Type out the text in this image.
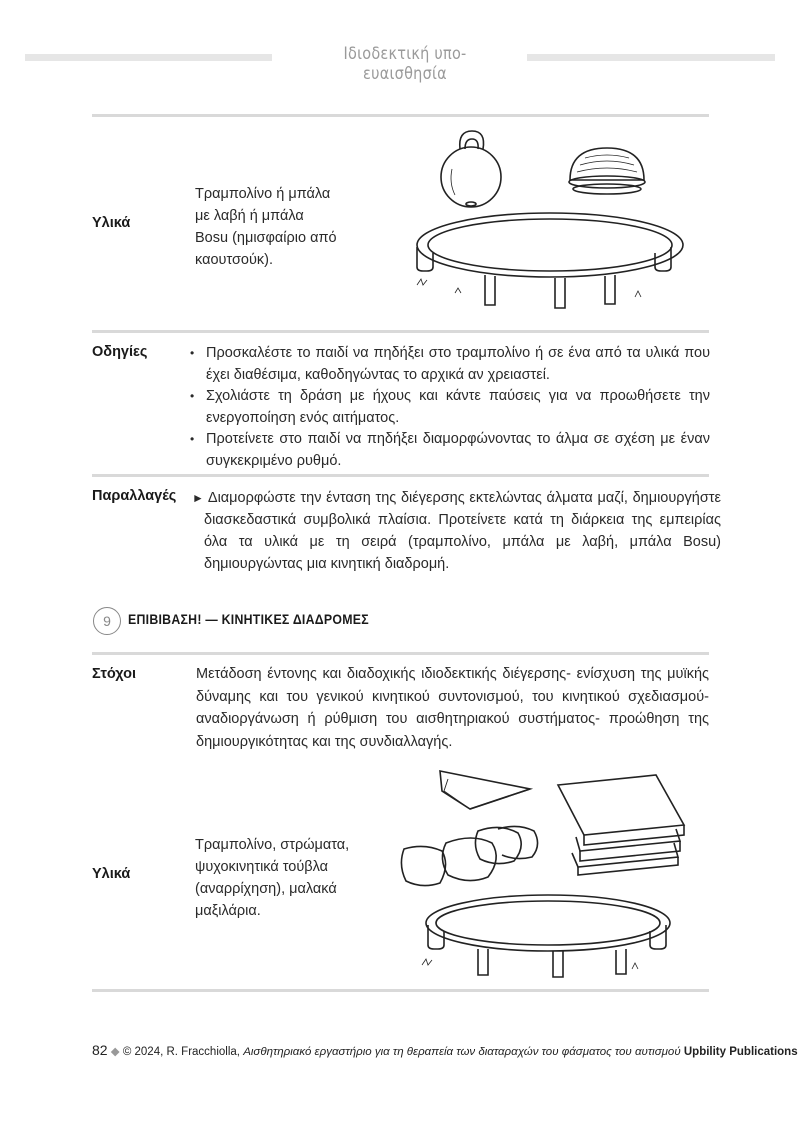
Ιδιοδεκτική υπο-ευαισθησία
Υλικά
Τραμπολίνο ή μπάλα
με λαβή ή μπάλα
Bosu (ημισφαίριο από
καουτσούκ).
Οδηγίες
•	Προσκαλέστε το παιδί να πηδήξει στο τραμπολίνο ή σε ένα από τα υλικά που έχει διαθέσιμα, καθοδηγώντας το αρχικά αν χρειαστεί.
• Σχολιάστε τη δράση με ήχους και κάντε παύσεις για να προωθήσετε την ενεργοποίηση ενός αιτήματος.
• Προτείνετε στο παιδί να πηδήξει διαμορφώνοντας το άλμα σε σχέση με έναν συγκεκριμένο ρυθμό.
Παραλλαγές ► Διαμορφώστε την ένταση της διέγερσης εκτελώντας άλματα μαζί, δημιουργήστε διασκεδαστικά συμβολικά πλαίσια. Προτείνετε κατά τη διάρκεια της εμπειρίας όλα τα υλικά με τη σειρά (τραμπολίνο, μπάλα με λαβή, μπάλα Bosu) δημιουργώντας μια κινητική διαδρομή.
9 ΕΠΙΒΙΒΑΣΗ! — ΚΙΝΗΤΙΚΕΣ ΔΙΑΔΡΟΜΕΣ
Στόχοι	Μετάδοση έντονης και διαδοχικής ιδιοδεκτικής διέγερσης- ενίσχυση της μυϊκής δύναμης και του γενικού κινητικού συντονισμού, του κινητικού σχεδιασμού-αναδιοργάνωση ή ρύθμιση του αισθητηριακού συστήματος- προώθηση της δημιουργικότητας και της συνδιαλλαγής.
Υλικά
Τραμπολίνο, στρώματα,
ψυχοκινητικά τούβλα
(αναρρίχηση), μαλακά
μαξιλάρια.
82 ◆ © 2024, R. Fracchiolla, Αισθητηριακό εργαστήριο για τη θεραπεία των διαταραχών του φάσματος του αυτισμού Upbility Publications
